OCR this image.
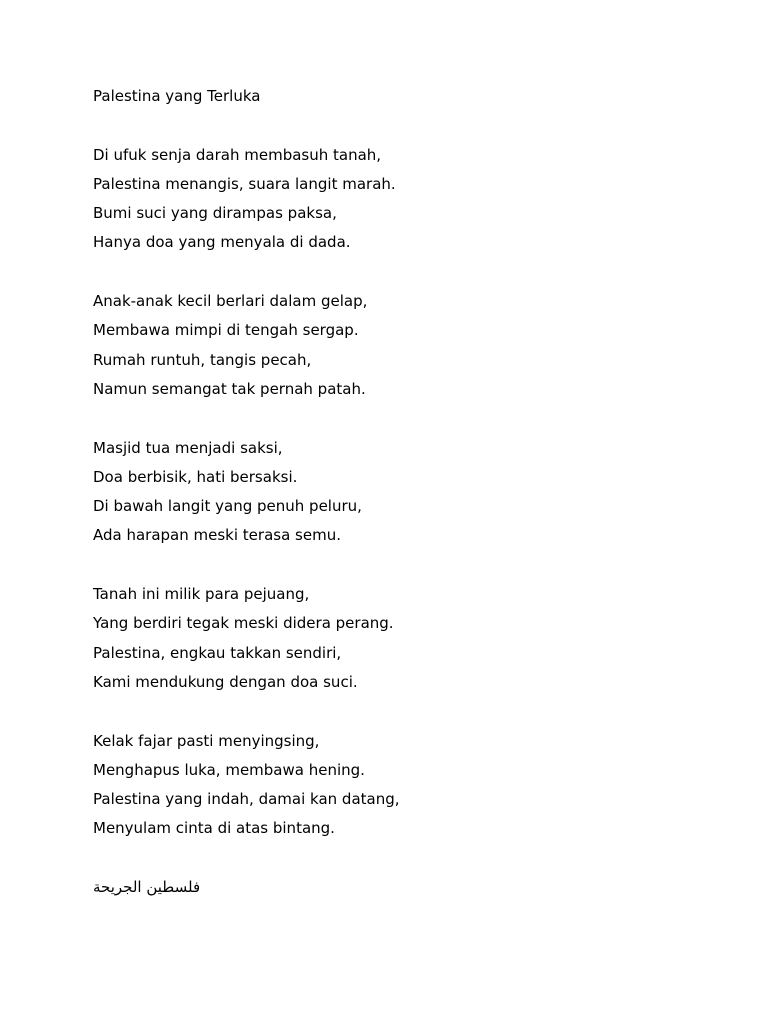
Palestina yang Terluka
Di ufuk senja darah membasuh tanah,
Palestina menangis, suara langit marah.
Bumi suci yang dirampas paksa,
Hanya doa yang menyala di dada.
Anak-anak kecil berlari dalam gelap,
Membawa mimpi di tengah sergap.
Rumah runtuh, tangis pecah,
Namun semangat tak pernah patah.
Masjid tua menjadi saksi,
Doa berbisik, hati bersaksi.
Di bawah langit yang penuh peluru,
Ada harapan meski terasa semu.
Tanah ini milik para pejuang,
Yang berdiri tegak meski didera perang.
Palestina, engkau takkan sendiri,
Kami mendukung dengan doa suci.
Kelak fajar pasti menyingsing,
Menghapus luka, membawa hening.
Palestina yang indah, damai kan datang,
Menyulam cinta di atas bintang.
فلسطين الجريحة
